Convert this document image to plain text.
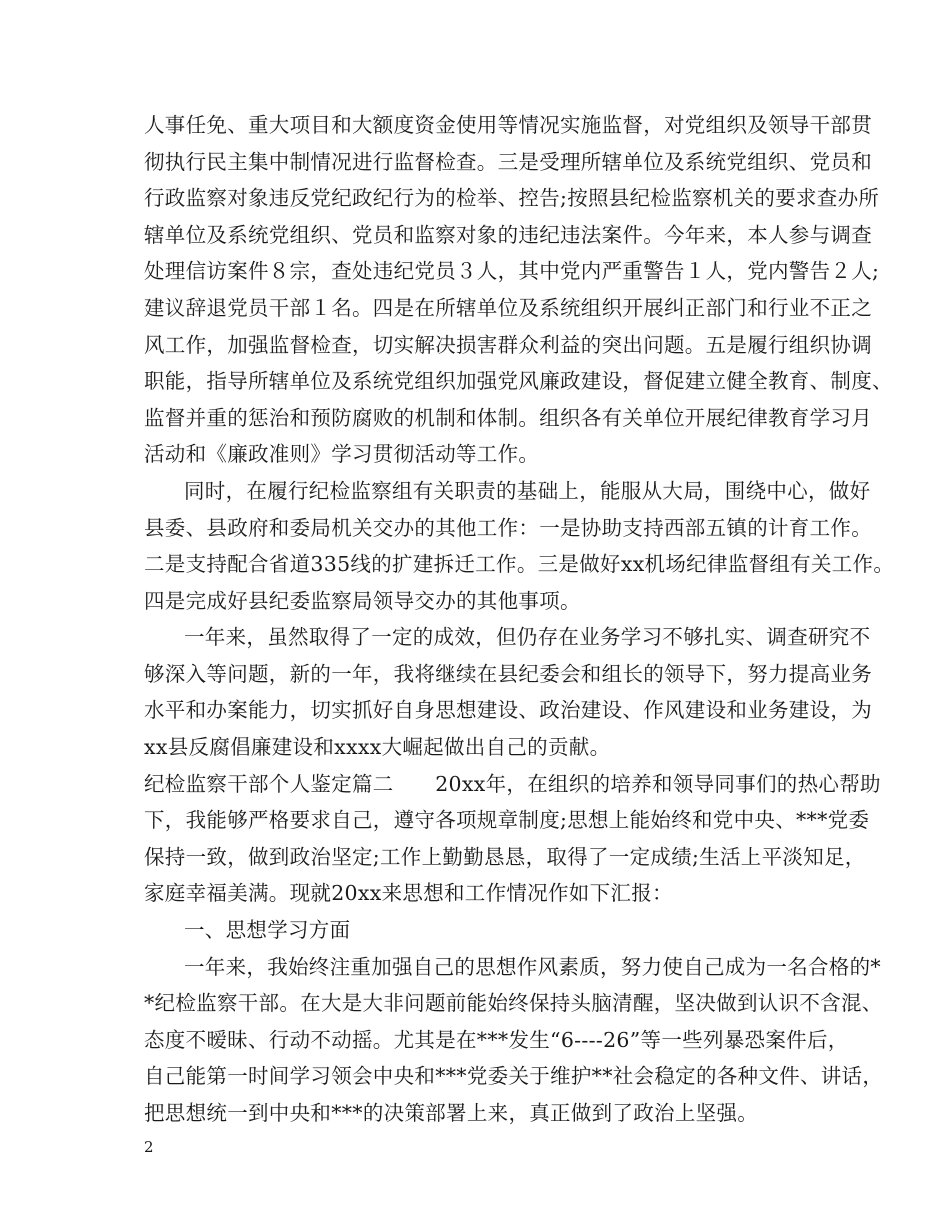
人事任免、重大项目和大额度资金使用等情况实施监督，对党组织及领导干部贯
彻执行民主集中制情况进行监督检查。三是受理所辖单位及系统党组织、党员和
行政监察对象违反党纪政纪行为的检举、控告;按照县纪检监察机关的要求查办所
辖单位及系统党组织、党员和监察对象的违纪违法案件。今年来，本人参与调查
处理信访案件８宗，查处违纪党员３人，其中党内严重警告１人，党内警告２人;
建议辞退党员干部１名。四是在所辖单位及系统组织开展纠正部门和行业不正之
风工作，加强监督检查，切实解决损害群众利益的突出问题。五是履行组织协调
职能，指导所辖单位及系统党组织加强党风廉政建设，督促建立健全教育、制度、
监督并重的惩治和预防腐败的机制和体制。组织各有关单位开展纪律教育学习月
活动和《廉政准则》学习贯彻活动等工作。
同时，在履行纪检监察组有关职责的基础上，能服从大局，围绕中心，做好
县委、县政府和委局机关交办的其他工作：一是协助支持西部五镇的计育工作。
二是支持配合省道335线的扩建拆迁工作。三是做好xx机场纪律监督组有关工作。
四是完成好县纪委监察局领导交办的其他事项。
一年来，虽然取得了一定的成效，但仍存在业务学习不够扎实、调查研究不
够深入等问题，新的一年，我将继续在县纪委会和组长的领导下，努力提高业务
水平和办案能力，切实抓好自身思想建设、政治建设、作风建设和业务建设，为
xx县反腐倡廉建设和xxxx大崛起做出自己的贡献。
纪检监察干部个人鉴定篇二　　20xx年，在组织的培养和领导同事们的热心帮助
下，我能够严格要求自己，遵守各项规章制度;思想上能始终和党中央、***党委
保持一致，做到政治坚定;工作上勤勤恳恳，取得了一定成绩;生活上平淡知足，
家庭幸福美满。现就20xx来思想和工作情况作如下汇报：
一、思想学习方面
一年来，我始终注重加强自己的思想作风素质，努力使自己成为一名合格的*
*纪检监察干部。在大是大非问题前能始终保持头脑清醒，坚决做到认识不含混、
态度不暧昧、行动不动摇。尤其是在***发生“6----26”等一些列暴恐案件后，
自己能第一时间学习领会中央和***党委关于维护**社会稳定的各种文件、讲话，
把思想统一到中央和***的决策部署上来，真正做到了政治上坚强。
2
